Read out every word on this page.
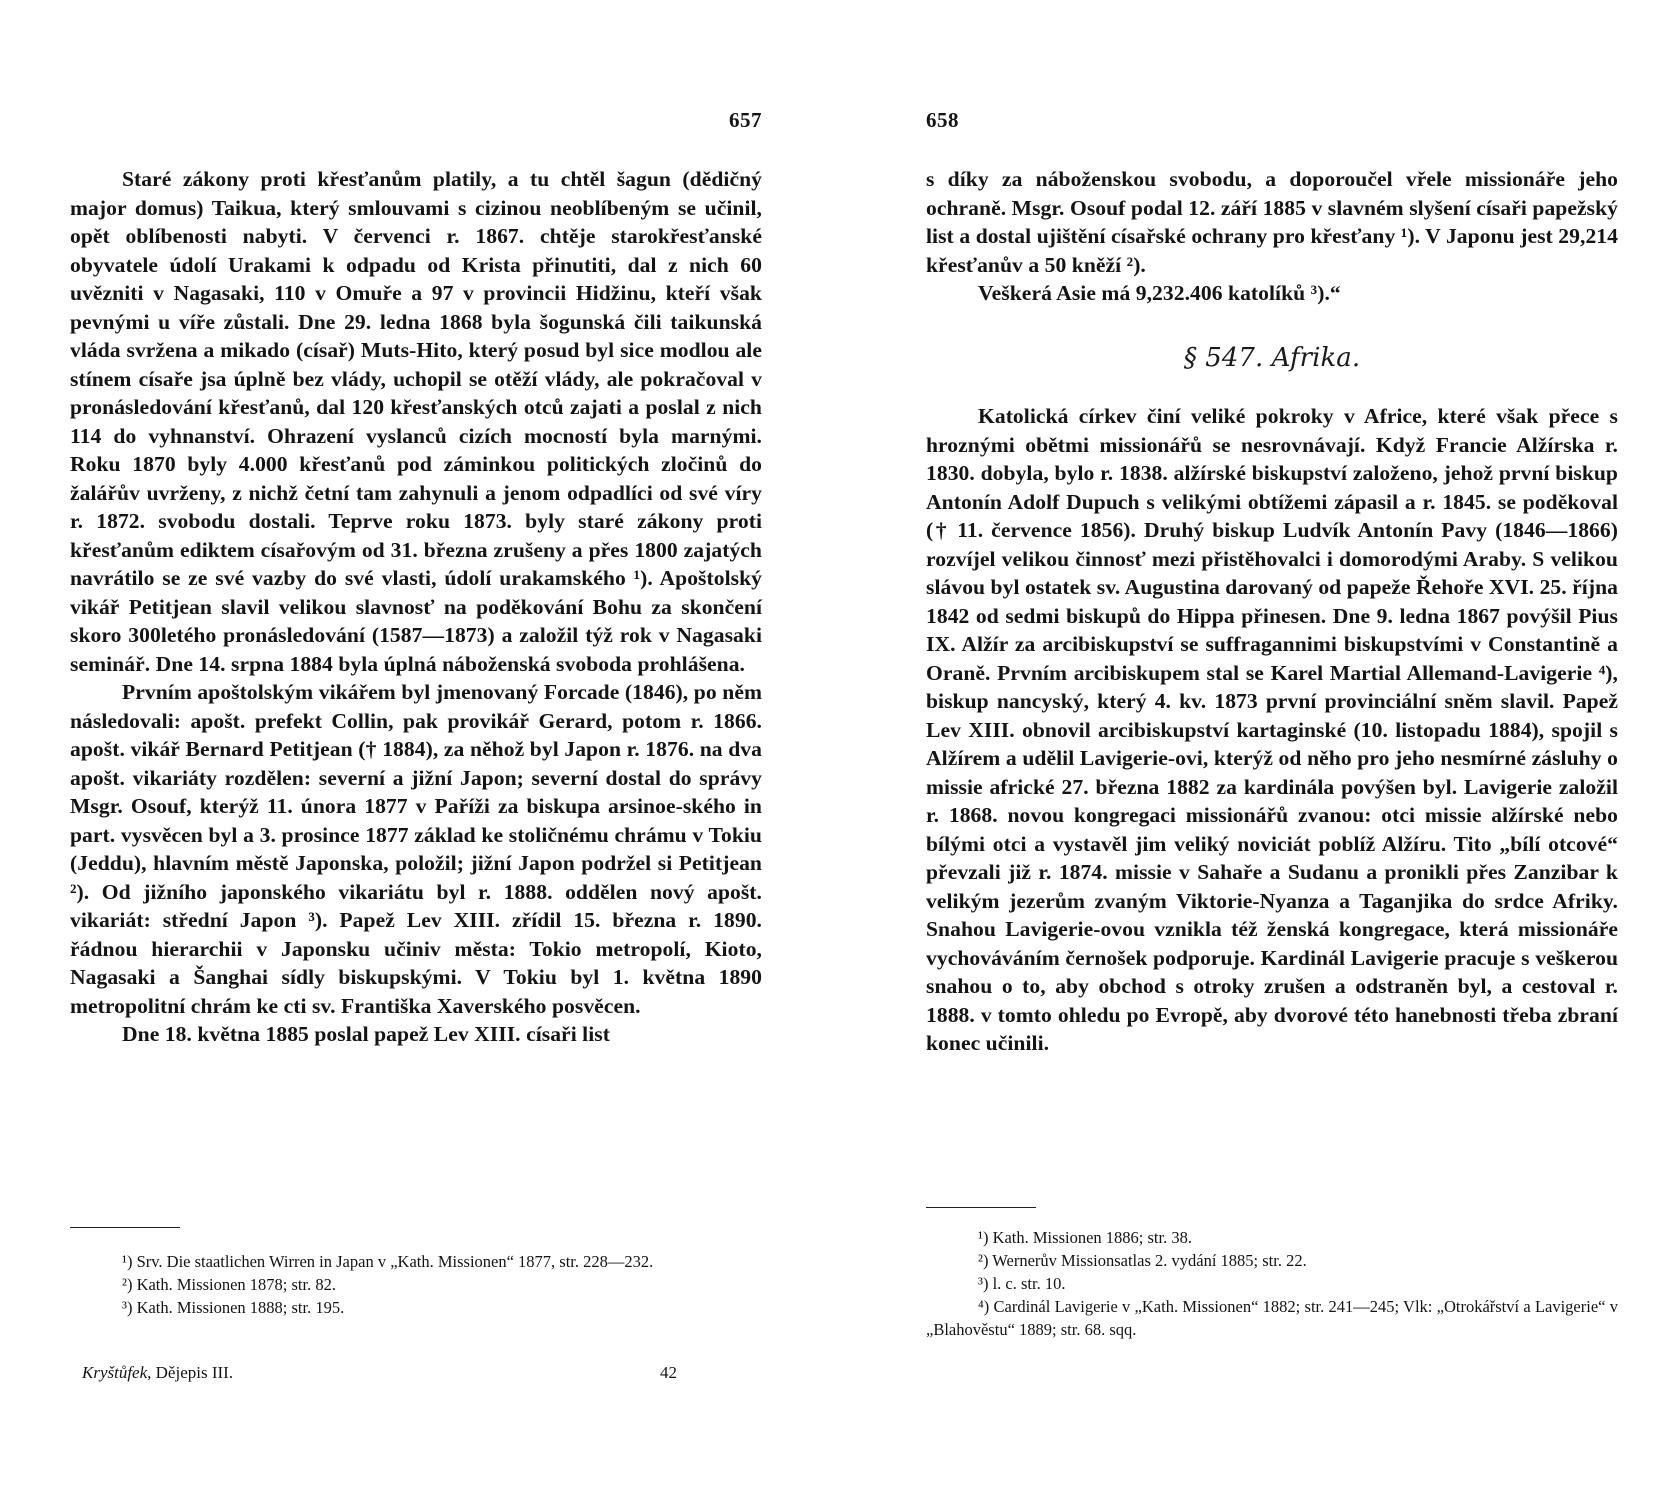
657

Staré zákony proti křesťanům platily, a tu chtěl šagun (dědičný major domus) Taikua, který smlouvami s cizinou neoblíbeným se učinil, opět oblíbenosti nabyti. V červenci r. 1867. chtěje starokřesťanské obyvatele údolí Urakami k odpadu od Krista přinutiti, dal z nich 60 uvězniti v Nagasaki, 110 v Omuře a 97 v provincii Hidžinu, kteří však pevnými u víře zůstali. Dne 29. ledna 1868 byla šogunská čili taikunská vláda svržena a mikado (císař) Muts-Hito, který posud byl sice modlou ale stínem císaře jsa úplně bez vlády, uchopil se otěží vlády, ale pokračoval v pronásledování křesťanů, dal 120 křesťanských otců zajati a poslal z nich 114 do vyhnanství. Ohrazení vyslanců cizích mocností byla marnými. Roku 1870 byly 4.000 křesťanů pod záminkou politických zločinů do žalářův uvrženy, z nichž četní tam zahynuli a jenom odpadlíci od své víry r. 1872. svobodu dostali. Teprve roku 1873. byly staré zákony proti křesťanům ediktem císařovým od 31. března zrušeny a přes 1800 zajatých navrátilo se ze své vazby do své vlasti, údolí urakamského ¹). Apoštolský vikář Petitjean slavil velikou slavnosť na poděkování Bohu za skončení skoro 300letého pronásledování (1587—1873) a založil týž rok v Nagasaki seminář. Dne 14. srpna 1884 byla úplná náboženská svoboda prohlášena.

Prvním apoštolským vikářem byl jmenovaný Forcade (1846), po něm následovali: apošt. prefekt Collin, pak provikář Gerard, potom r. 1866. apošt. vikář Bernard Petitjean († 1884), za něhož byl Japon r. 1876. na dva apošt. vikariáty rozdělen: severní a jižní Japon; severní dostal do správy Msgr. Osouf, kterýž 11. února 1877 v Paříži za biskupa arsinoe-ského in part. vysvěcen byl a 3. prosince 1877 základ ke stoličnému chrámu v Tokiu (Jeddu), hlavním městě Japonska, položil; jižní Japon podržel si Petitjean ²). Od jižního japonského vikariátu byl r. 1888. oddělen nový apošt. vikariát: střední Japon ³). Papež Lev XIII. zřídil 15. března r. 1890. řádnou hierarchii v Japonsku učiniv města: Tokio metropolí, Kioto, Nagasaki a Šanghai sídly biskupskými. V Tokiu byl 1. května 1890 metropolitní chrám ke cti sv. Františka Xaverského posvěcen.

Dne 18. května 1885 poslal papež Lev XIII. císaři list

¹) Srv. Die staatlichen Wirren in Japan v „Kath. Missionen“ 1877, str. 228—232.

²) Kath. Missionen 1878; str. 82.

³) Kath. Missionen 1888; str. 195.

Kryštůfek, Dějepis III.	42
658

s díky za náboženskou svobodu, a doporoučel vřele missionáře jeho ochraně. Msgr. Osouf podal 12. září 1885 v slavném slyšení císaři papežský list a dostal ujištění císařské ochrany pro křesťany ¹). V Japonu jest 29,214 křesťanův a 50 kněží ²).

Veškerá Asie má 9,232.406 katolíků ³).“

§ 547. Afrika.

Katolická církev činí veliké pokroky v Africe, které však přece s hroznými obětmi missionářů se nesrovnávají. Když Francie Alžírska r. 1830. dobyla, bylo r. 1838. alžírské biskupství založeno, jehož první biskup Antonín Adolf Dupuch s velikými obtížemi zápasil a r. 1845. se poděkoval († 11. července 1856). Druhý biskup Ludvík Antonín Pavy (1846—1866) rozvíjel velikou činnosť mezi přistěhovalci i domorodými Araby. S velikou slávou byl ostatek sv. Augustina darovaný od papeže Řehoře XVI. 25. října 1842 od sedmi biskupů do Hippa přinesen. Dne 9. ledna 1867 povýšil Pius IX. Alžír za arcibiskupství se suffragannimi biskupstvími v Constantině a Oraně. Prvním arcibiskupem stal se Karel Martial Allemand-Lavigerie ⁴), biskup nancyský, který 4. kv. 1873 první provinciální sněm slavil. Papež Lev XIII. obnovil arcibiskupství kartaginské (10. listopadu 1884), spojil s Alžírem a udělil Lavigerie-ovi, kterýž od něho pro jeho nesmírné zásluhy o missie africké 27. března 1882 za kardinála povýšen byl. Lavigerie založil r. 1868. novou kongregaci missionářů zvanou: otci missie alžírské nebo bílými otci a vystavěl jim veliký noviciát poblíž Alžíru. Tito „bílí otcové“ převzali již r. 1874. missie v Sahaře a Sudanu a pronikli přes Zanzibar k velikým jezerům zvaným Viktorie-Nyanza a Taganjika do srdce Afriky. Snahou Lavigerie-ovou vznikla též ženská kongregace, která missionáře vychováváním černošek podporuje. Kardinál Lavigerie pracuje s veškerou snahou o to, aby obchod s otroky zrušen a odstraněn byl, a cestoval r. 1888. v tomto ohledu po Evropě, aby dvorové této hanebnosti třeba zbraní konec učinili.

¹) Kath. Missionen 1886; str. 38.

²) Wernerův Missionsatlas 2. vydání 1885; str. 22.

³) l. c. str. 10.

⁴) Cardinál Lavigerie v „Kath. Missionen“ 1882; str. 241—245; Vlk: „Otrokářství a Lavigerie“ v „Blahověstu“ 1889; str. 68. sqq.
